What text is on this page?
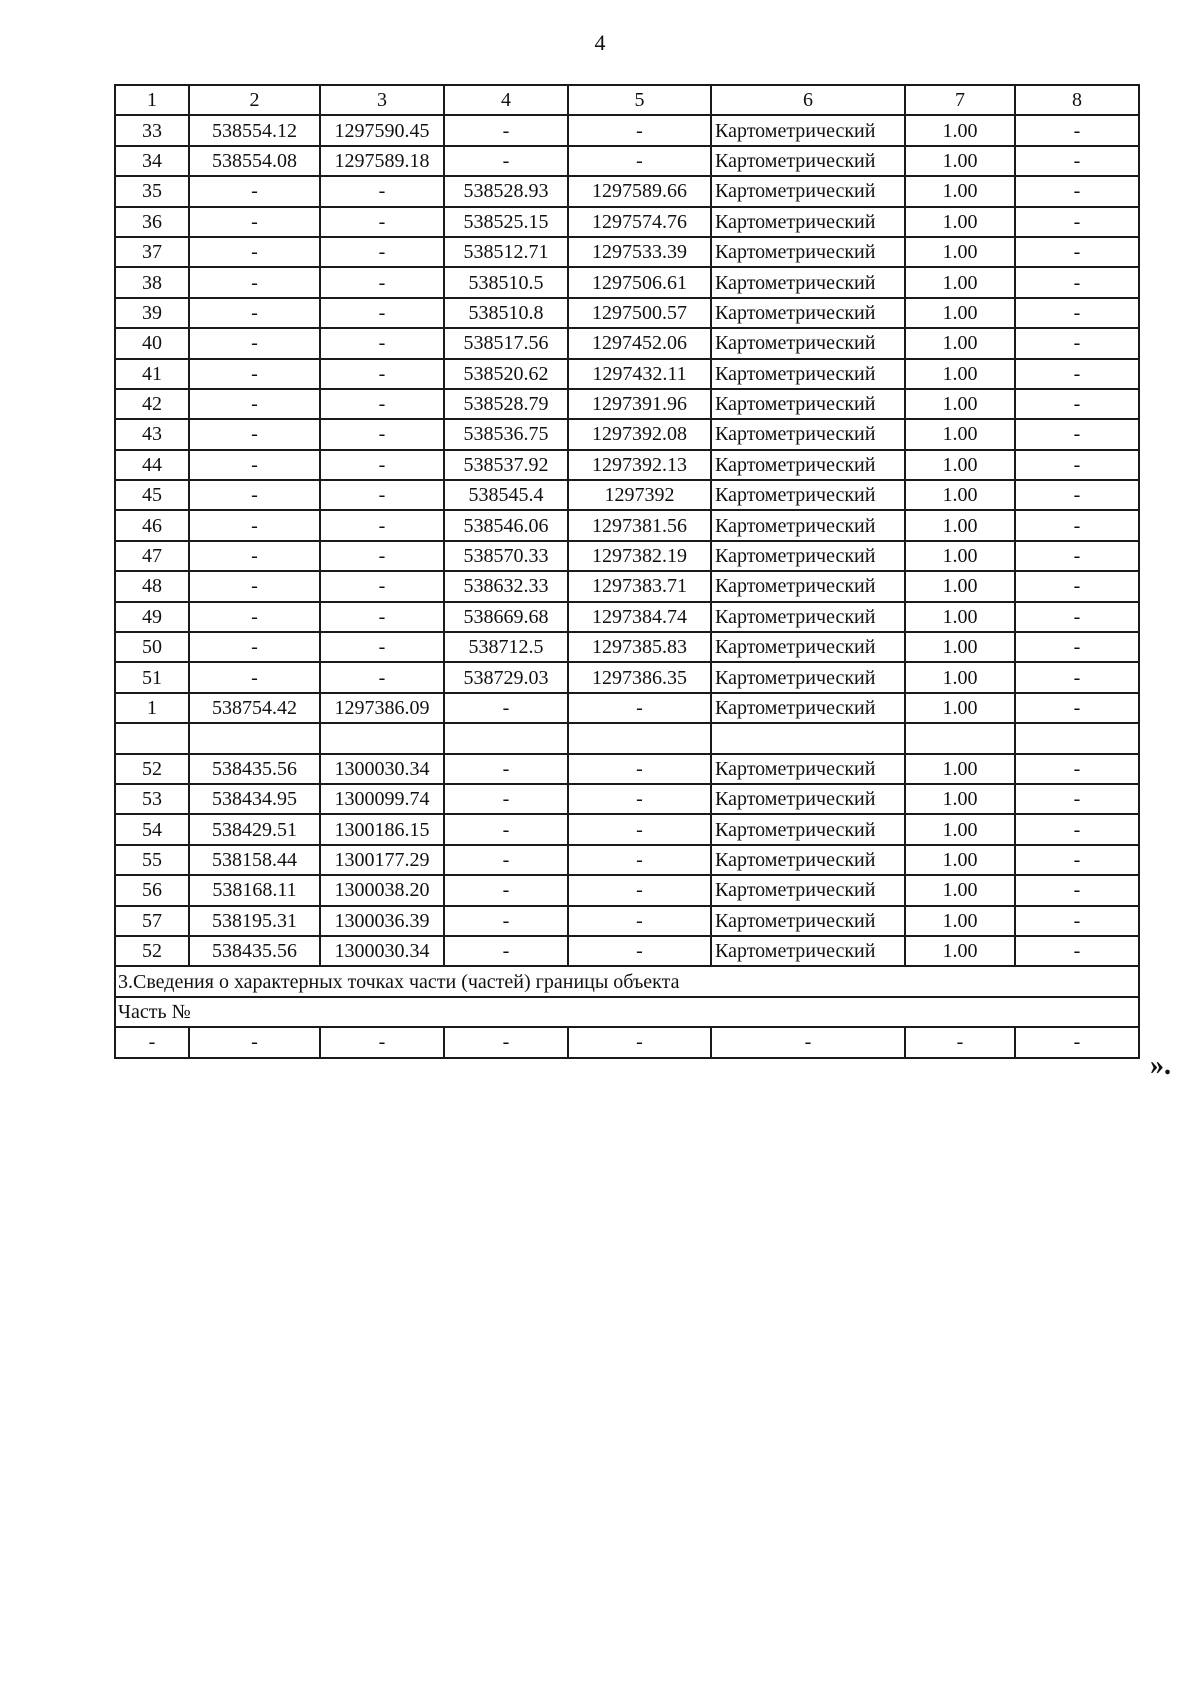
4
1	2	3	4	5	6	7	8
33	538554.12	1297590.45	-	-	Картометрический	1.00	-
34	538554.08	1297589.18	-	-	Картометрический	1.00	-
35	-	-	538528.93	1297589.66	Картометрический	1.00	-
36	-	-	538525.15	1297574.76	Картометрический	1.00	-
37	-	-	538512.71	1297533.39	Картометрический	1.00	-
38	-	-	538510.5	1297506.61	Картометрический	1.00	-
39	-	-	538510.8	1297500.57	Картометрический	1.00	-
40	-	-	538517.56	1297452.06	Картометрический	1.00	-
41	-	-	538520.62	1297432.11	Картометрический	1.00	-
42	-	-	538528.79	1297391.96	Картометрический	1.00	-
43	-	-	538536.75	1297392.08	Картометрический	1.00	-
44	-	-	538537.92	1297392.13	Картометрический	1.00	-
45	-	-	538545.4	1297392	Картометрический	1.00	-
46	-	-	538546.06	1297381.56	Картометрический	1.00	-
47	-	-	538570.33	1297382.19	Картометрический	1.00	-
48	-	-	538632.33	1297383.71	Картометрический	1.00	-
49	-	-	538669.68	1297384.74	Картометрический	1.00	-
50	-	-	538712.5	1297385.83	Картометрический	1.00	-
51	-	-	538729.03	1297386.35	Картометрический	1.00	-
1	538754.42	1297386.09	-	-	Картометрический	1.00	-

52	538435.56	1300030.34	-	-	Картометрический	1.00	-
53	538434.95	1300099.74	-	-	Картометрический	1.00	-
54	538429.51	1300186.15	-	-	Картометрический	1.00	-
55	538158.44	1300177.29	-	-	Картометрический	1.00	-
56	538168.11	1300038.20	-	-	Картометрический	1.00	-
57	538195.31	1300036.39	-	-	Картометрический	1.00	-
52	538435.56	1300030.34	-	-	Картометрический	1.00	-
3.Сведения о характерных точках части (частей) границы объекта							
Часть №							
-	-	-	-	-	-	-	-
».
